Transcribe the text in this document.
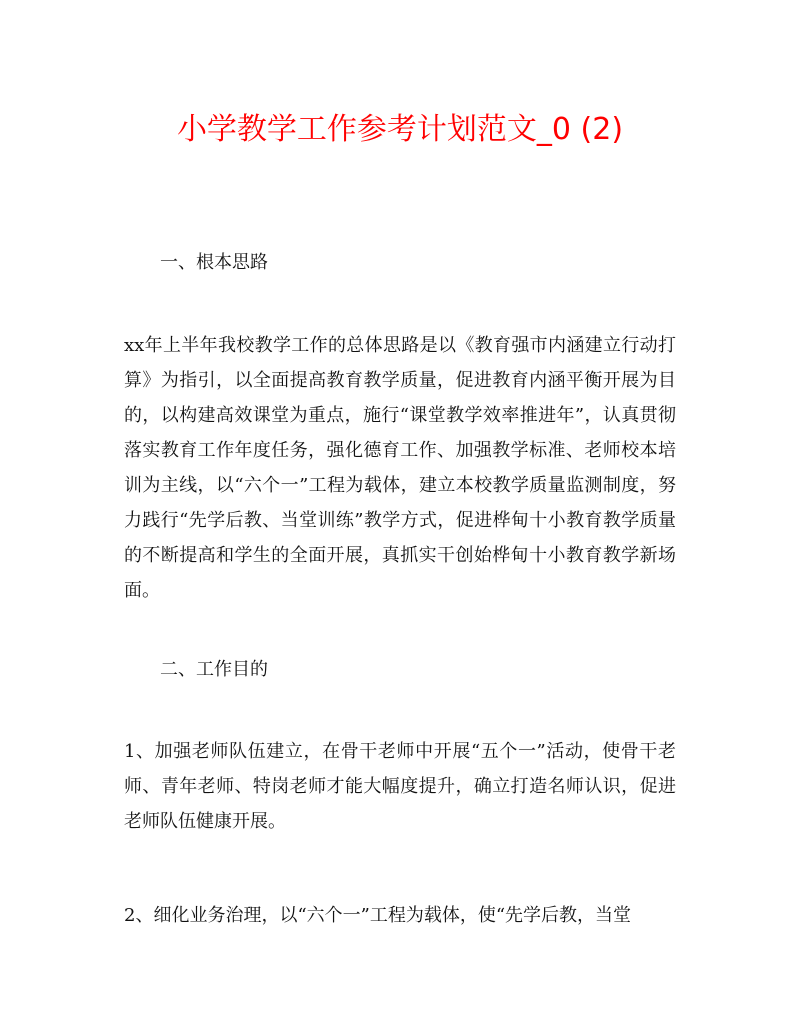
小学教学工作参考计划范文_0 (2)

一、根本思路

xx年上半年我校教学工作的总体思路是以《教育强市内涵建立行动打算》为指引，以全面提高教育教学质量，促进教育内涵平衡开展为目的，以构建高效课堂为重点，施行“课堂教学效率推进年”，认真贯彻落实教育工作年度任务，强化德育工作、加强教学标准、老师校本培训为主线，以“六个一”工程为载体，建立本校教学质量监测制度，努力践行“先学后教、当堂训练”教学方式，促进桦甸十小教育教学质量的不断提高和学生的全面开展，真抓实干创始桦甸十小教育教学新场面。

二、工作目的

1、加强老师队伍建立，在骨干老师中开展“五个一”活动，使骨干老师、青年老师、特岗老师才能大幅度提升，确立打造名师认识，促进老师队伍健康开展。

2、细化业务治理，以“六个一”工程为载体，使“先学后教，当堂
